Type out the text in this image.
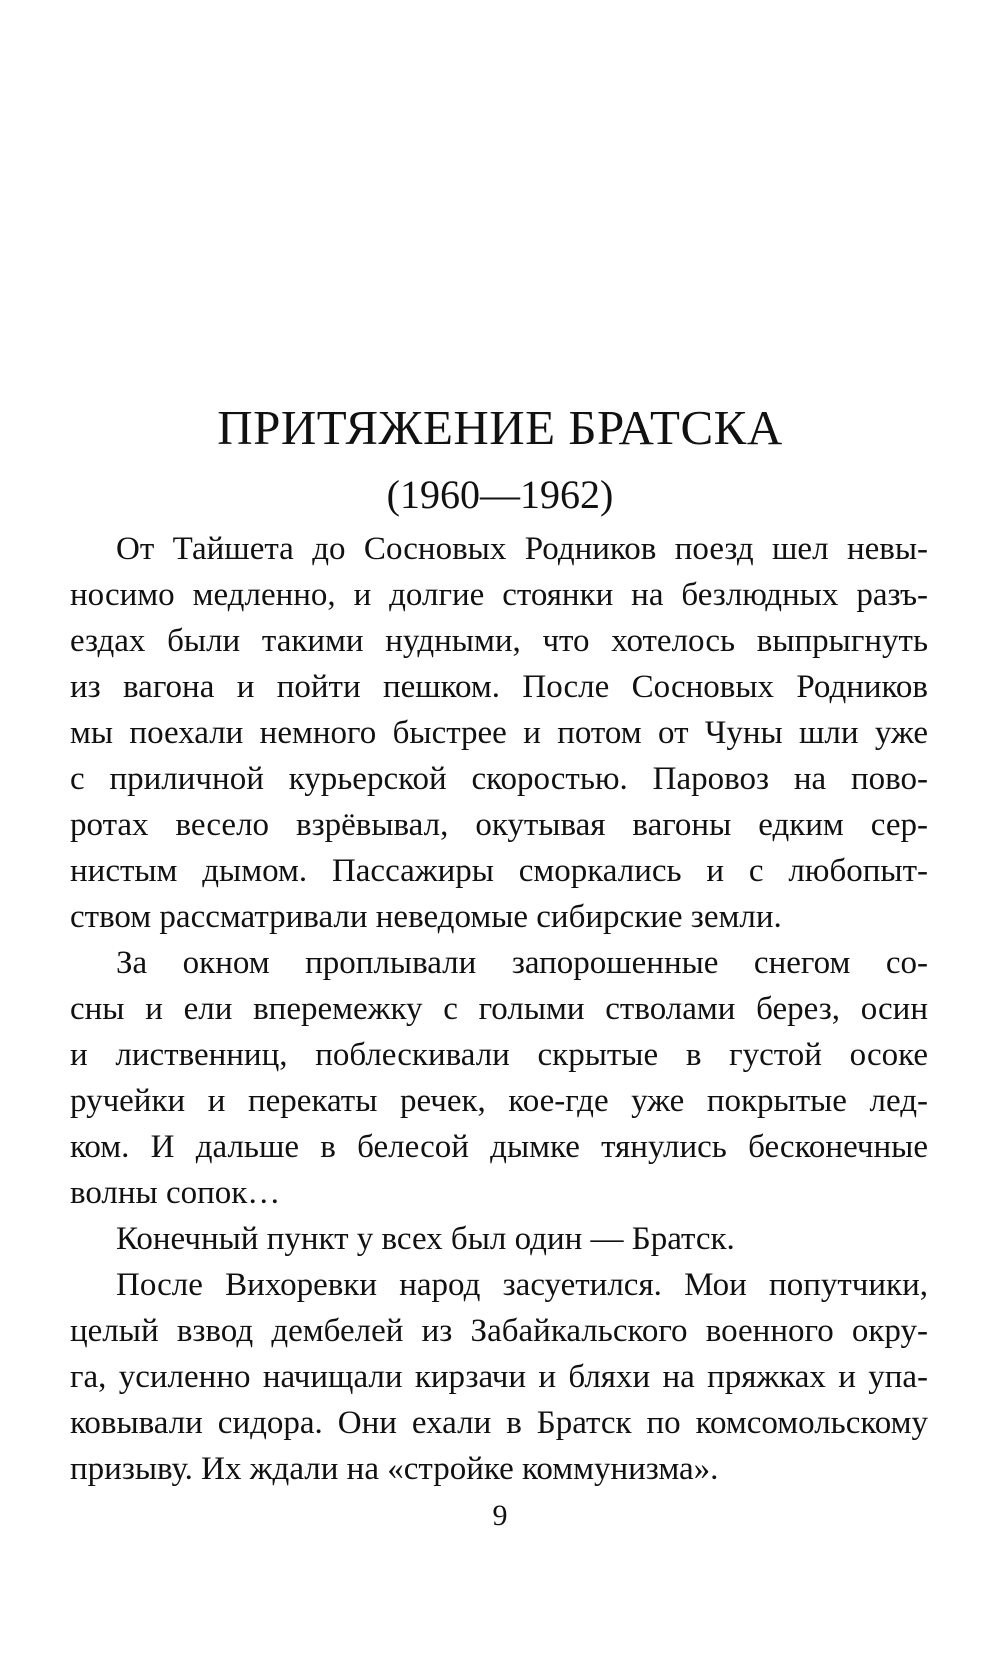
ПРИТЯЖЕНИЕ БРАТСКА
(1960—1962)
От Тайшета до Сосновых Родников поезд шел невы-
носимо медленно, и долгие стоянки на безлюдных разъ-
ездах были такими нудными, что хотелось выпрыгнуть
из вагона и пойти пешком. После Сосновых Родников
мы поехали немного быстрее и потом от Чуны шли уже
с приличной курьерской скоростью. Паровоз на пово-
ротах весело взрёвывал, окутывая вагоны едким сер-
нистым дымом. Пассажиры сморкались и с любопыт-
ством рассматривали неведомые сибирские земли.
За окном проплывали запорошенные снегом со-
сны и ели вперемежку с голыми стволами берез, осин
и лиственниц, поблескивали скрытые в густой осоке
ручейки и перекаты речек, кое-где уже покрытые лед-
ком. И дальше в белесой дымке тянулись бесконечные
волны сопок…
Конечный пункт у всех был один — Братск.
После Вихоревки народ засуетился. Мои попутчики,
целый взвод дембелей из Забайкальского военного окру-
га, усиленно начищали кирзачи и бляхи на пряжках и упа-
ковывали сидора. Они ехали в Братск по комсомольскому
призыву. Их ждали на «стройке коммунизма».
9
